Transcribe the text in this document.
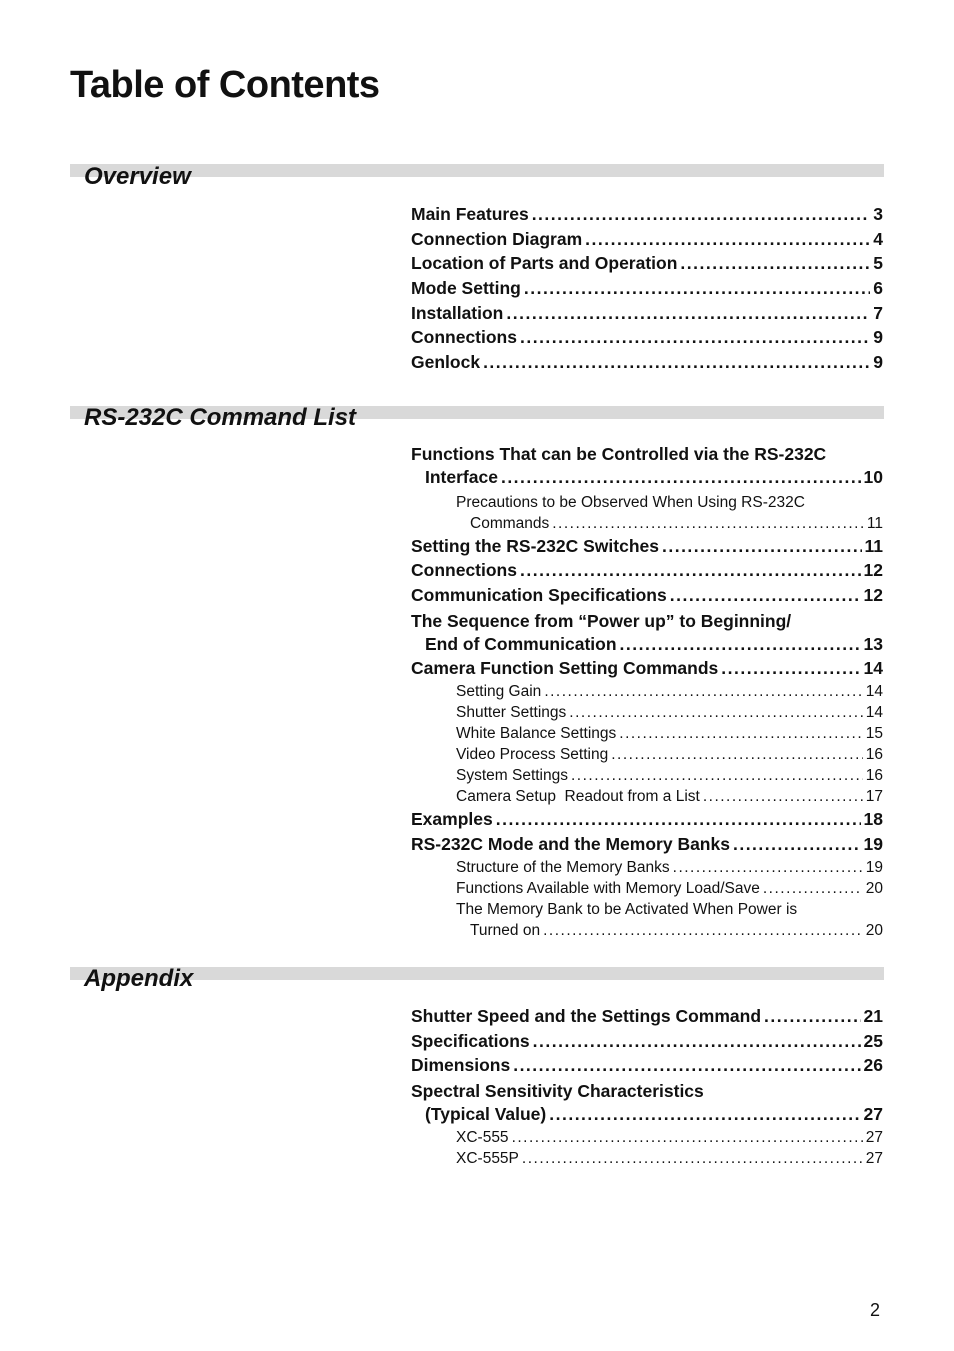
Table of Contents
Overview
Main Features .....	3
Connection Diagram .....	4
Location of Parts and Operation .....	5
Mode Setting .....	6
Installation .....	7
Connections .....	9
Genlock .....	9
RS-232C Command List
Functions That can be Controlled via the RS-232C
Interface .....	10
Precautions to be Observed When Using RS-232C
Commands .....	11
Setting the RS-232C Switches .....	11
Connections .....	12
Communication Specifications .....	12
The Sequence from “Power up” to Beginning/
End of Communication .....	13
Camera Function Setting Commands .....	14
Setting Gain .....	14
Shutter Settings .....	14
White Balance Settings .....	15
Video Process Setting .....	16
System Settings .....	16
Camera Setup  Readout from a List .....	17
Examples .....	18
RS-232C Mode and the Memory Banks .....	19
Structure of the Memory Banks .....	19
Functions Available with Memory Load/Save .....	20
The Memory Bank to be Activated When Power is
Turned on .....	20
Appendix
Shutter Speed and the Settings Command .....	21
Specifications .....	25
Dimensions .....	26
Spectral Sensitivity Characteristics
(Typical Value) .....	27
XC-555 .....	27
XC-555P .....	27
2
